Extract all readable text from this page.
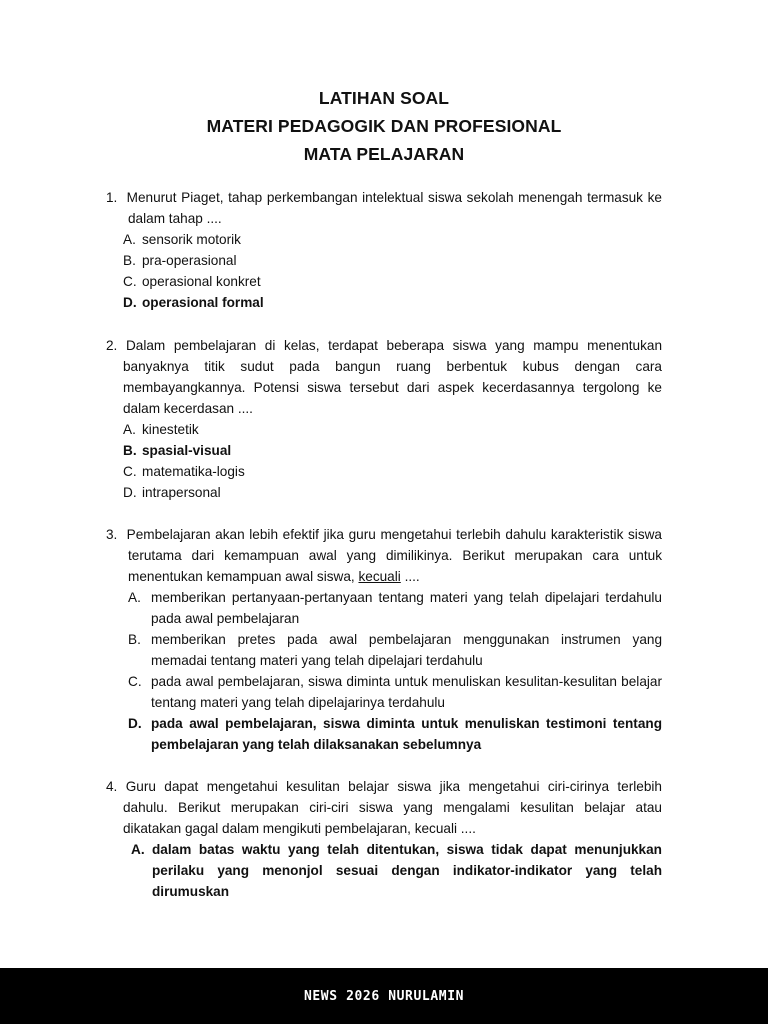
LATIHAN SOAL
MATERI PEDAGOGIK DAN PROFESIONAL
MATA PELAJARAN

1. Menurut Piaget, tahap perkembangan intelektual siswa sekolah menengah termasuk ke dalam tahap ....

A. sensorik motorik
B. pra-operasional
C. operasional konkret
D. operasional formal

2. Dalam pembelajaran di kelas, terdapat beberapa siswa yang mampu menentukan banyaknya titik sudut pada bangun ruang berbentuk kubus dengan cara membayangkannya. Potensi siswa tersebut dari aspek kecerdasannya tergolong ke dalam kecerdasan ....

A. kinestetik
B. spasial-visual
C. matematika-logis
D. intrapersonal

3. Pembelajaran akan lebih efektif jika guru mengetahui terlebih dahulu karakteristik siswa terutama dari kemampuan awal yang dimilikinya. Berikut merupakan cara untuk menentukan kemampuan awal siswa, kecuali ....

A. memberikan pertanyaan-pertanyaan tentang materi yang telah dipelajari terdahulu pada awal pembelajaran
B. memberikan pretes pada awal pembelajaran menggunakan instrumen yang memadai tentang materi yang telah dipelajari terdahulu
C. pada awal pembelajaran, siswa diminta untuk menuliskan kesulitan-kesulitan belajar tentang materi yang telah dipelajarinya terdahulu
D. pada awal pembelajaran, siswa diminta untuk menuliskan testimoni tentang pembelajaran yang telah dilaksanakan sebelumnya

4. Guru dapat mengetahui kesulitan belajar siswa jika mengetahui ciri-cirinya terlebih dahulu. Berikut merupakan ciri-ciri siswa yang mengalami kesulitan belajar atau dikatakan gagal dalam mengikuti pembelajaran, kecuali ....

A. dalam batas waktu yang telah ditentukan, siswa tidak dapat menunjukkan perilaku yang menonjol sesuai dengan indikator-indikator yang telah dirumuskan
NEWS 2026 NURULAMIN
